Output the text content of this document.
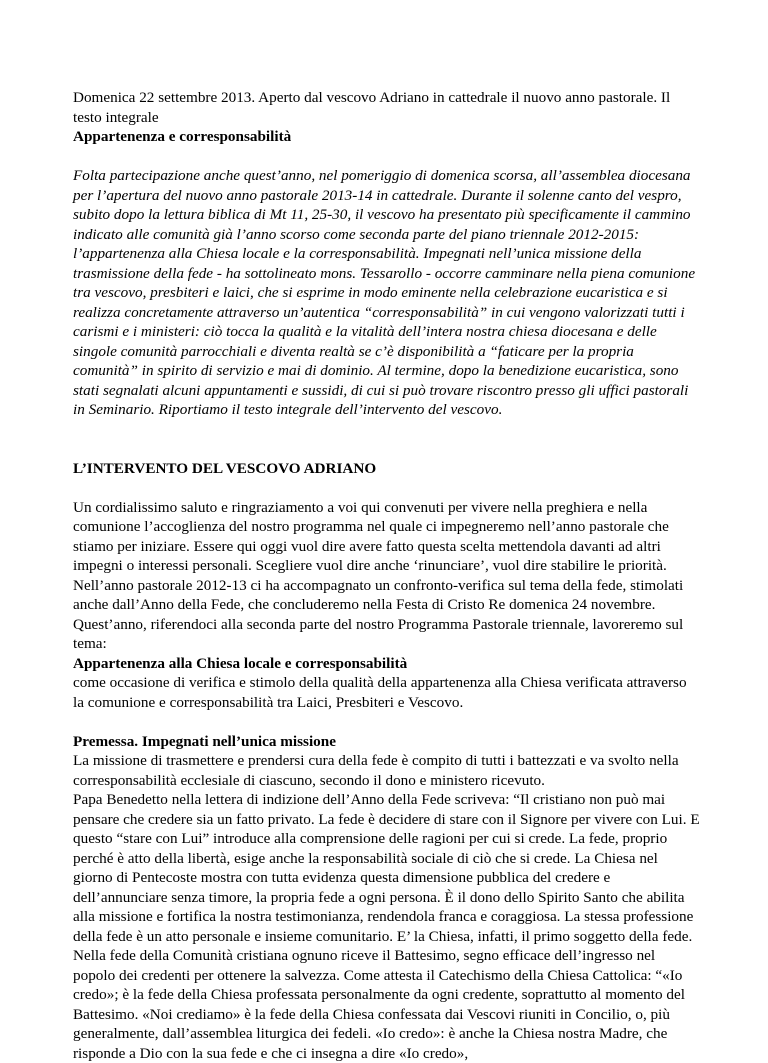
Domenica 22 settembre 2013. Aperto dal vescovo Adriano in cattedrale il nuovo anno pastorale. Il testo integrale

Appartenenza e corresponsabilità

Folta partecipazione anche quest’anno, nel pomeriggio di domenica scorsa, all’assemblea diocesana per l’apertura del nuovo anno pastorale 2013-14 in cattedrale. Durante il solenne canto del vespro, subito dopo la lettura biblica di Mt 11, 25-30, il vescovo ha presentato più specificamente il cammino indicato alle comunità già l’anno scorso come seconda parte del piano triennale 2012-2015: l’appartenenza alla Chiesa locale e la corresponsabilità. Impegnati nell’unica missione della trasmissione della fede - ha sottolineato mons. Tessarollo - occorre camminare nella piena comunione tra vescovo, presbiteri e laici, che si esprime in modo eminente nella celebrazione eucaristica e si realizza concretamente attraverso un’autentica “corresponsabilità” in cui vengono valorizzati tutti i carismi e i ministeri: ciò tocca la qualità e la vitalità dell’intera nostra chiesa diocesana e delle singole comunità parrocchiali e diventa realtà se c’è disponibilità a “faticare per la propria comunità” in spirito di servizio e mai di dominio. Al termine, dopo la benedizione eucaristica, sono stati segnalati alcuni appuntamenti e sussidi, di cui si può trovare riscontro presso gli uffici pastorali in Seminario. Riportiamo il testo integrale dell’intervento del vescovo.

L’INTERVENTO DEL VESCOVO ADRIANO

Un cordialissimo saluto e ringraziamento a voi qui convenuti per vivere nella preghiera e nella comunione l’accoglienza del nostro programma nel quale ci impegneremo nell’anno pastorale che stiamo per iniziare. Essere qui oggi vuol dire avere fatto questa scelta mettendola davanti ad altri impegni o interessi personali. Scegliere vuol dire anche ‘rinunciare’, vuol dire stabilire le priorità. Nell’anno pastorale 2012-13 ci ha accompagnato un confronto-verifica sul tema della fede, stimolati anche dall’Anno della Fede, che concluderemo nella Festa di Cristo Re domenica 24 novembre. Quest’anno, riferendoci alla seconda parte del nostro Programma Pastorale triennale, lavoreremo sul tema:

Appartenenza alla Chiesa locale e corresponsabilità

come occasione di verifica e stimolo della qualità della appartenenza alla Chiesa verificata attraverso la comunione e corresponsabilità tra Laici, Presbiteri e Vescovo.

Premessa. Impegnati nell’unica missione

La missione di trasmettere e prendersi cura della fede è compito di tutti i battezzati e va svolto nella corresponsabilità ecclesiale di ciascuno, secondo il dono e ministero ricevuto.

Papa Benedetto nella lettera di indizione dell’Anno della Fede scriveva: “Il cristiano non può mai pensare che credere sia un fatto privato. La fede è decidere di stare con il Signore per vivere con Lui. E questo “stare con Lui” introduce alla comprensione delle ragioni per cui si crede. La fede, proprio perché è atto della libertà, esige anche la responsabilità sociale di ciò che si crede. La Chiesa nel giorno di Pentecoste mostra con tutta evidenza questa dimensione pubblica del credere e dell’annunciare senza timore, la propria fede a ogni persona. È il dono dello Spirito Santo che abilita alla missione e fortifica la nostra testimonianza, rendendola franca e coraggiosa. La stessa professione della fede è un atto personale e insieme comunitario. E’ la Chiesa, infatti, il primo soggetto della fede. Nella fede della Comunità cristiana ognuno riceve il Battesimo, segno efficace dell’ingresso nel popolo dei credenti per ottenere la salvezza. Come attesta il Catechismo della Chiesa Cattolica: “«Io credo»; è la fede della Chiesa professata personalmente da ogni credente, soprattutto al momento del Battesimo. «Noi crediamo» è la fede della Chiesa confessata dai Vescovi riuniti in Concilio, o, più generalmente, dall’assemblea liturgica dei fedeli. «Io credo»: è anche la Chiesa nostra Madre, che risponde a Dio con la sua fede e che ci insegna a dire «Io credo»,
